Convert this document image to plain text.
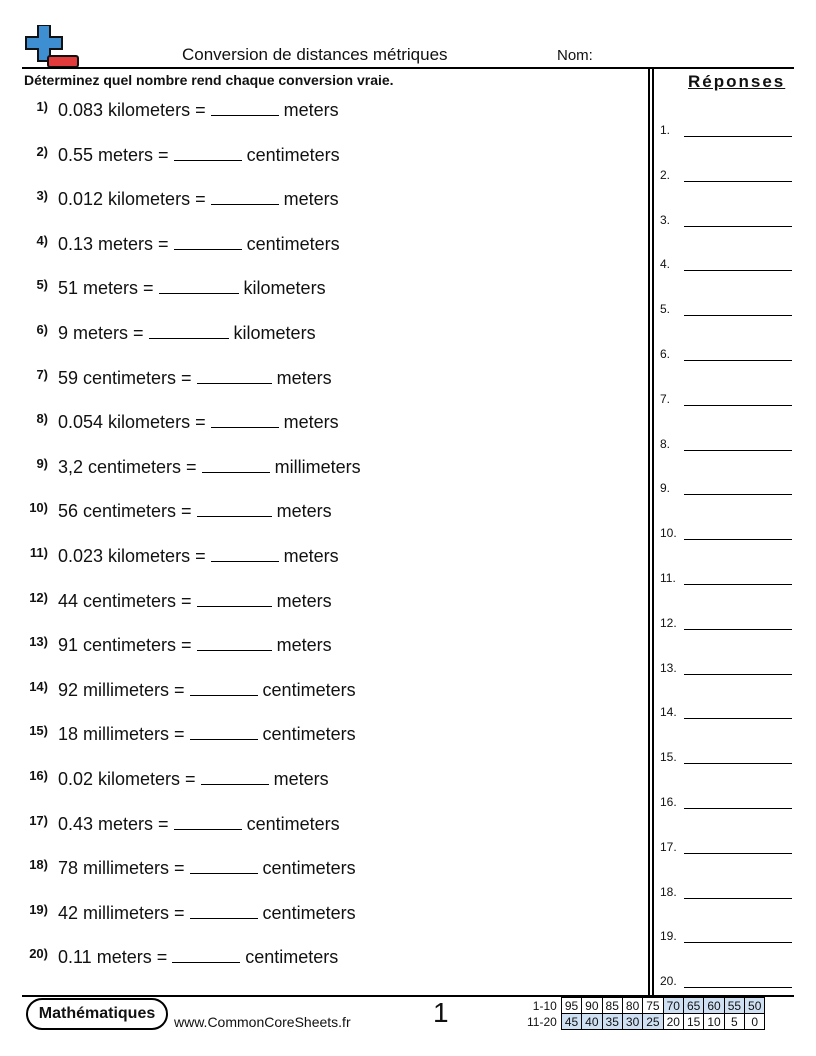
Conversion de distances métriques	Nom:
Déterminez quel nombre rend chaque conversion vraie.	Réponses
1) 0.083 kilometers =	meters
2) 0.55 meters =	centimeters
3) 0.012 kilometers =	meters
4) 0.13 meters =	centimeters
5) 51 meters =	kilometers
6) 9 meters =	kilometers
7) 59 centimeters =	meters
8) 0.054 kilometers =	meters
9) 3,2 centimeters =	millimeters
10) 56 centimeters =	meters
11) 0.023 kilometers =	meters
12) 44 centimeters =	meters
13) 91 centimeters =	meters
14) 92 millimeters =	centimeters
15) 18 millimeters =	centimeters
16) 0.02 kilometers =	meters
17) 0.43 meters =	centimeters
18) 78 millimeters =	centimeters
19) 42 millimeters =	centimeters
20) 0.11 meters =	centimeters
1.
2.
3.
4.
5.
6.
7.
8.
9.
10.
11.
12.
13.
14.
15.
16.
17.
18.
19.
20.
Mathématiques	www.CommonCoreSheets.fr	1	1-10	95	90	85	80	75	70	65	60	55	50
11-20	45	40	35	30	25	20	15	10	5	0
